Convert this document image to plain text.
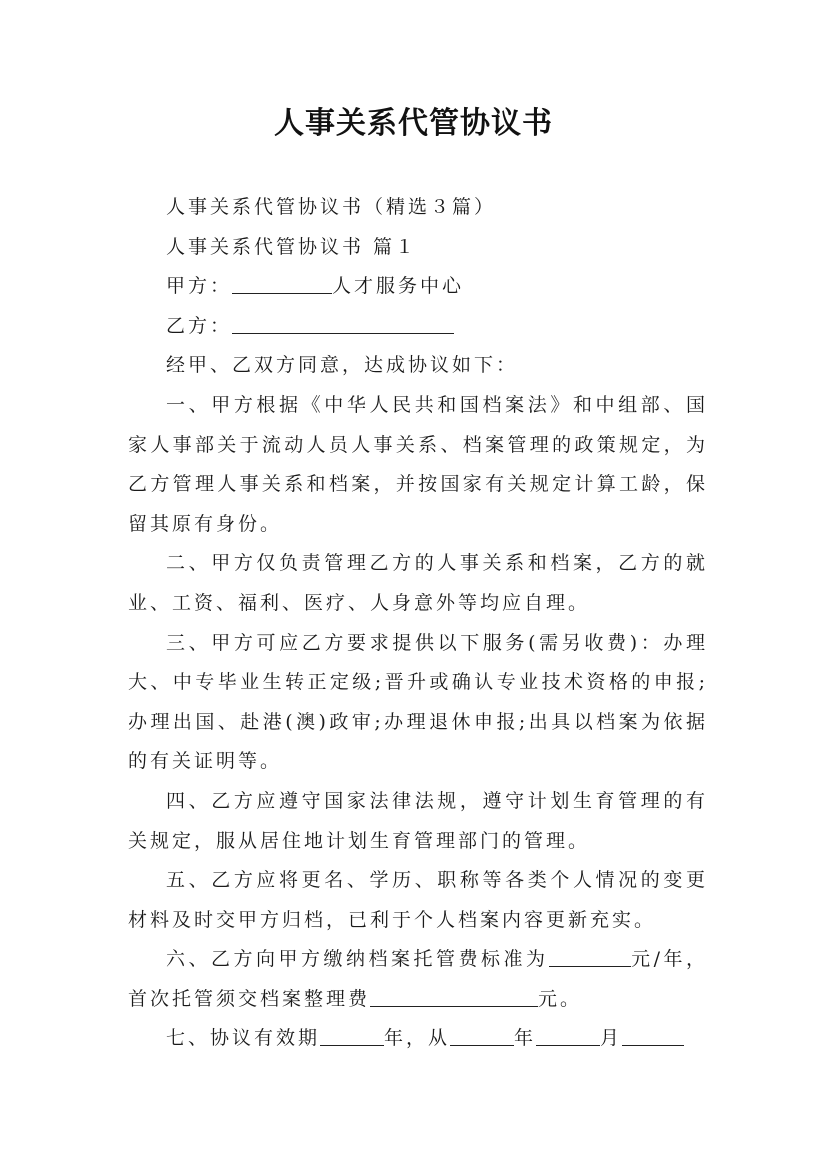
人事关系代管协议书

人事关系代管协议书（精选３篇）

人事关系代管协议书 篇１

甲方：	人才服务中心

乙方：

经甲、乙双方同意，达成协议如下：

一、甲方根据《中华人民共和国档案法》和中组部、国家人事部关于流动人员人事关系、档案管理的政策规定，为乙方管理人事关系和档案，并按国家有关规定计算工龄，保留其原有身份。

二、甲方仅负责管理乙方的人事关系和档案，乙方的就业、工资、福利、医疗、人身意外等均应自理。

三、甲方可应乙方要求提供以下服务(需另收费)：办理大、中专毕业生转正定级;晋升或确认专业技术资格的申报;办理出国、赴港(澳)政审;办理退休申报;出具以档案为依据的有关证明等。

四、乙方应遵守国家法律法规，遵守计划生育管理的有关规定，服从居住地计划生育管理部门的管理。

五、乙方应将更名、学历、职称等各类个人情况的变更材料及时交甲方归档，已利于个人档案内容更新充实。

六、乙方向甲方缴纳档案托管费标准为	元/年，首次托管须交档案整理费	元。

七、协议有效期	年，从	年	月
